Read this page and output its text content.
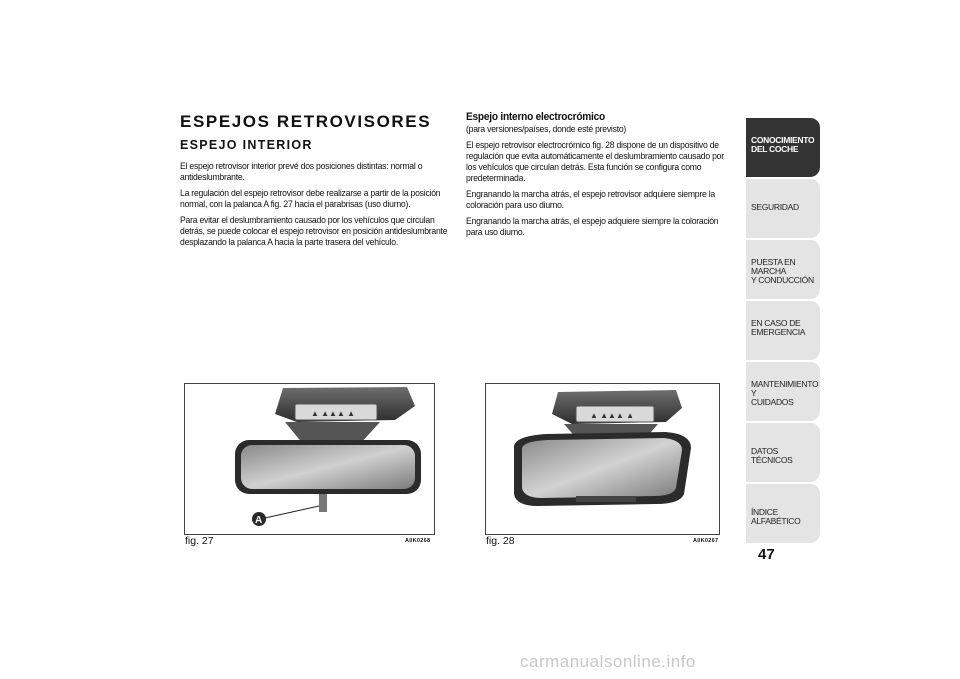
ESPEJOS RETROVISORES
ESPEJO INTERIOR

El espejo retrovisor interior prevé dos posiciones distintas: normal o antideslumbrante.

La regulación del espejo retrovisor debe realizarse a partir de la posición normal, con la palanca A fig. 27 hacia el parabrisas (uso diurno).

Para evitar el deslumbramiento causado por los vehículos que circulan detrás, se puede colocar el espejo retrovisor en posición antideslumbrante desplazando la palanca A hacia la parte trasera del vehículo.

Espejo interno electrocrómico

(para versiones/países, donde esté previsto)

El espejo retrovisor electrocrómico fig. 28 dispone de un dispositivo de regulación que evita automáticamente el deslumbramiento causado por los vehículos que circulan detrás. Esta función se configura como predeterminada.

Engranando la marcha atrás, el espejo retrovisor adquiere siempre la coloración para uso diurno.

Engranando la marcha atrás, el espejo adquiere siempre la coloración para uso diurno.

▲ ▲▲▲ ▲
A
fig. 27	A0K0268
▲ ▲▲▲ ▲
fig. 28	A0K0267
CONOCIMIENTO
DEL COCHE
SEGURIDAD
PUESTA EN MARCHA
Y CONDUCCIÓN
EN CASO DE
EMERGENCIA
MANTENIMIENTO Y
CUIDADOS
DATOS TÉCNICOS
ÍNDICE ALFABÉTICO
47
carmanualsonline.info
